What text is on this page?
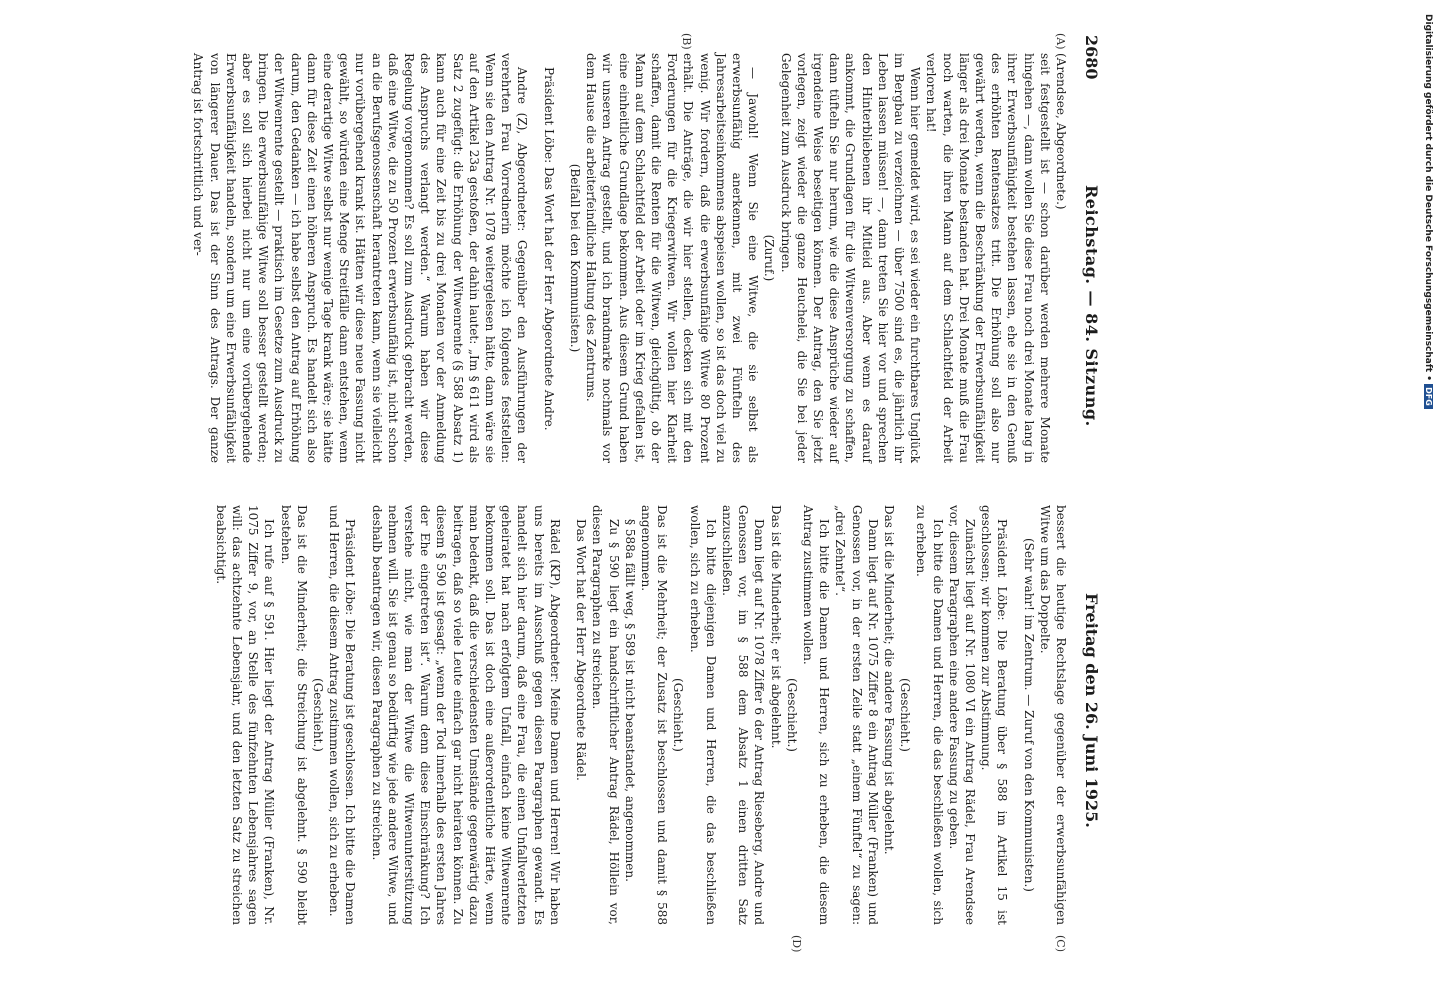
2680
Reichstag. — 84. Sitzung.
Freitag den 26. Juni 1925.
(A)
(B)
(C)
(D)

(Arendsee, Abgeordnete.)

seit festgestellt ist — schon darüber werden mehrere Monate hingehen —, dann wollen Sie diese Frau noch drei Monate lang in ihrer Erwerbsunfähigkeit bestehen lassen, ehe sie in den Genuß des erhöhten Rentensatzes tritt. Die Erhöhung soll also nur gewährt werden, wenn die Beschränkung der Erwerbsunfähigkeit länger als drei Monate bestanden hat. Drei Monate muß die Frau noch warten, die ihren Mann auf dem Schlachtfeld der Arbeit verloren hat!

Wenn hier gemeldet wird, es sei wieder ein furchtbares Unglück im Bergbau zu verzeichnen — über 7500 sind es, die jährlich ihr Leben lassen müssen! —, dann treten Sie hier vor und sprechen den Hinterbliebenen ihr Mitleid aus. Aber wenn es darauf ankommt, die Grundlagen für die Witwenversorgung zu schaffen, dann tüfteln Sie nur herum, wie die diese Ansprüche wieder auf irgendeine Weise beseitigen können. Der Antrag, den Sie jetzt vorlegen, zeigt wieder die ganze Heuchelei, die Sie bei jeder Gelegenheit zum Ausdruck bringen.

(Zuruf.)

— Jawohl! Wenn Sie eine Witwe, die sie selbst als erwerbsunfähig anerkennen, mit zwei Fünfteln des Jahresarbeitseinkommens abspeisen wollen, so ist das doch viel zu wenig. Wir fordern, daß die erwerbsunfähige Witwe 80 Prozent erhält. Die Anträge, die wir hier stellen, decken sich mit den Forderungen für die Kriegerwitwen. Wir wollen hier Klarheit schaffen, damit die Renten für die Witwen, gleichgültig, ob der Mann auf dem Schlachtfeld der Arbeit oder im Krieg gefallen ist, eine einheitliche Grundlage bekommen. Aus diesem Grund haben wir unseren Antrag gestellt, und ich brandmarke nochmals vor dem Hause die arbeiterfeindliche Haltung des Zentrums.

(Beifall bei den Kommunisten.)

Präsident Löbe: Das Wort hat der Herr Abgeordnete Andre.

Andre (Z), Abgeordneter: Gegenüber den Ausführungen der verehrten Frau Vorrednerin möchte ich folgendes feststellen: Wenn sie den Antrag Nr. 1078 weitergelesen hätte, dann wäre sie auf den Artikel 23a gestoßen, der dahin lautet: „Im § 611 wird als Satz 2 zugefügt: die Erhöhung der Witwenrente (§ 588 Absatz 1) kann auch für eine Zeit bis zu drei Monaten vor der Anmeldung des Anspruchs verlangt werden.“ Warum haben wir diese Regelung vorgenommen? Es soll zum Ausdruck gebracht werden, daß eine Witwe, die zu 50 Prozent erwerbsunfähig ist, nicht schon an die Berufsgenossenschaft herantreten kann, wenn sie vielleicht nur vorübergehend krank ist. Hätten wir diese neue Fassung nicht gewählt, so würden eine Menge Streitfälle dann entstehen, wenn eine derartige Witwe selbst nur wenige Tage krank wäre; sie hätte dann für diese Zeit einen höheren Anspruch. Es handelt sich also darum, den Gedanken — ich habe selbst den Antrag auf Erhöhung der Witwenrente gestellt — praktisch im Gesetze zum Ausdruck zu bringen. Die erwerbsunfähige Witwe soll besser gestellt werden; aber es soll sich hierbei nicht nur um eine vorübergehende Erwerbsunfähigkeit handeln, sondern um eine Erwerbsunfähigkeit von längerer Dauer. Das ist der Sinn des Antrags. Der ganze Antrag ist fortschrittlich und ver-

bessert die heutige Rechtslage gegenüber der erwerbsunfähigen Witwe um das Doppelte.

(Sehr wahr! im Zentrum. — Zuruf von den Kommunisten.)

Präsident Löbe: Die Beratung über § 588 im Artikel 15 ist geschlossen; wir kommen zur Abstimmung.

Zunächst liegt auf Nr. 1080 VI ein Antrag Rädel, Frau Arendsee vor, diesem Paragraphen eine andere Fassung zu geben.

Ich bitte die Damen und Herren, die das beschließen wollen, sich zu erheben.

(Geschieht.)

Das ist die Minderheit; die andere Fassung ist abgelehnt.

Dann liegt auf Nr. 1075 Ziffer 8 ein Antrag Müller (Franken) und Genossen vor, in der ersten Zeile statt „einem Fünftel“ zu sagen: „drei Zehntel“.

Ich bitte die Damen und Herren, sich zu erheben, die diesem Antrag zustimmen wollen.

(Geschieht.)

Das ist die Minderheit; er ist abgelehnt.

Dann liegt auf Nr. 1078 Ziffer 6 der Antrag Rieseberg, Andre und Genossen vor, im § 588 dem Absatz 1 einen dritten Satz anzuschließen.

Ich bitte diejenigen Damen und Herren, die das beschließen wollen, sich zu erheben.

(Geschieht.)

Das ist die Mehrheit; der Zusatz ist beschlossen und damit § 588 angenommen.

§ 588a fällt weg, § 589 ist nicht beanstandet, angenommen.

Zu § 590 liegt ein handschriftlicher Antrag Rädel, Höllein vor, diesen Paragraphen zu streichen.

Das Wort hat der Herr Abgeordnete Rädel.

Rädel (KP), Abgeordneter: Meine Damen und Herren! Wir haben uns bereits im Ausschuß gegen diesen Paragraphen gewandt. Es handelt sich hier darum, daß eine Frau, die einen Unfallverletzten geheiratet hat nach erfolgtem Unfall, einfach keine Witwenrente bekommen soll. Das ist doch eine außerordentliche Härte, wenn man bedenkt, daß die verschiedensten Umstände gegenwärtig dazu beitragen, daß so viele Leute einfach gar nicht heiraten können. Zu diesem § 590 ist gesagt: „wenn der Tod innerhalb des ersten Jahres der Ehe eingetreten ist“. Warum denn diese Einschränkung? Ich verstehe nicht, wie man der Witwe die Witwenunterstützung nehmen will. Sie ist genau so bedürftig wie jede andere Witwe, und deshalb beantragen wir, diesen Paragraphen zu streichen.

Präsident Löbe: Die Beratung ist geschlossen. Ich bitte die Damen und Herren, die diesem Antrag zustimmen wollen, sich zu erheben.

(Geschieht.)

Das ist die Minderheit; die Streichung ist abgelehnt. § 590 bleibt bestehen.

Ich rufe auf § 591. Hier liegt der Antrag Müller (Franken), Nr. 1075 Ziffer 9, vor, an Stelle des fünfzehnten Lebensjahres sagen will: das achtzehnte Lebensjahr, und den letzten Satz zu streichen beabsichtigt.

Digitalisierung gefördert durch die Deutsche Forschungsgemeinschaft • DFG
